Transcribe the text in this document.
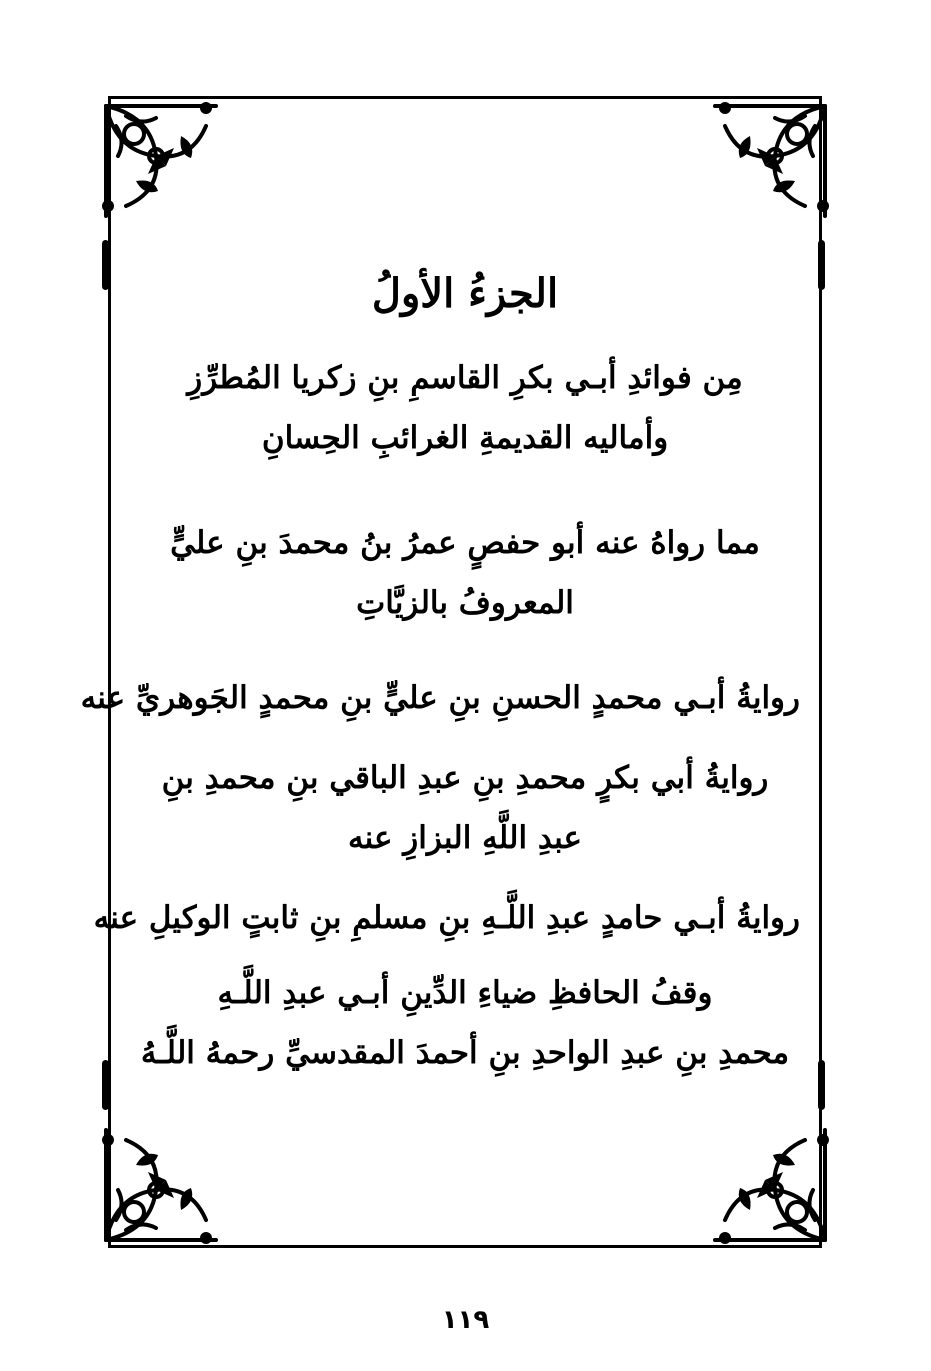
الجزءُ الأولُ
مِن فوائدِ أبـي بكرِ القاسمِ بنِ زكريا المُطرِّزِ
وأماليه القديمةِ الغرائبِ الحِسانِ
مما رواهُ عنه أبو حفصٍ عمرُ بنُ محمدَ بنِ عليٍّ
المعروفُ بالزيَّاتِ
روايةُ أبـي محمدٍ الحسنِ بنِ عليٍّ بنِ محمدٍ الجَوهريِّ عنه
روايةُ أبي بكرٍ محمدِ بنِ عبدِ الباقي بنِ محمدِ بنِ
عبدِ اللَّهِ البزازِ عنه
روايةُ أبـي حامدٍ عبدِ اللَّـهِ بنِ مسلمِ بنِ ثابتٍ الوكيلِ عنه
وقفُ الحافظِ ضياءِ الدِّينِ أبـي عبدِ اللَّـهِ
محمدِ بنِ عبدِ الواحدِ بنِ أحمدَ المقدسيِّ رحمهُ اللَّـهُ
١١٩
